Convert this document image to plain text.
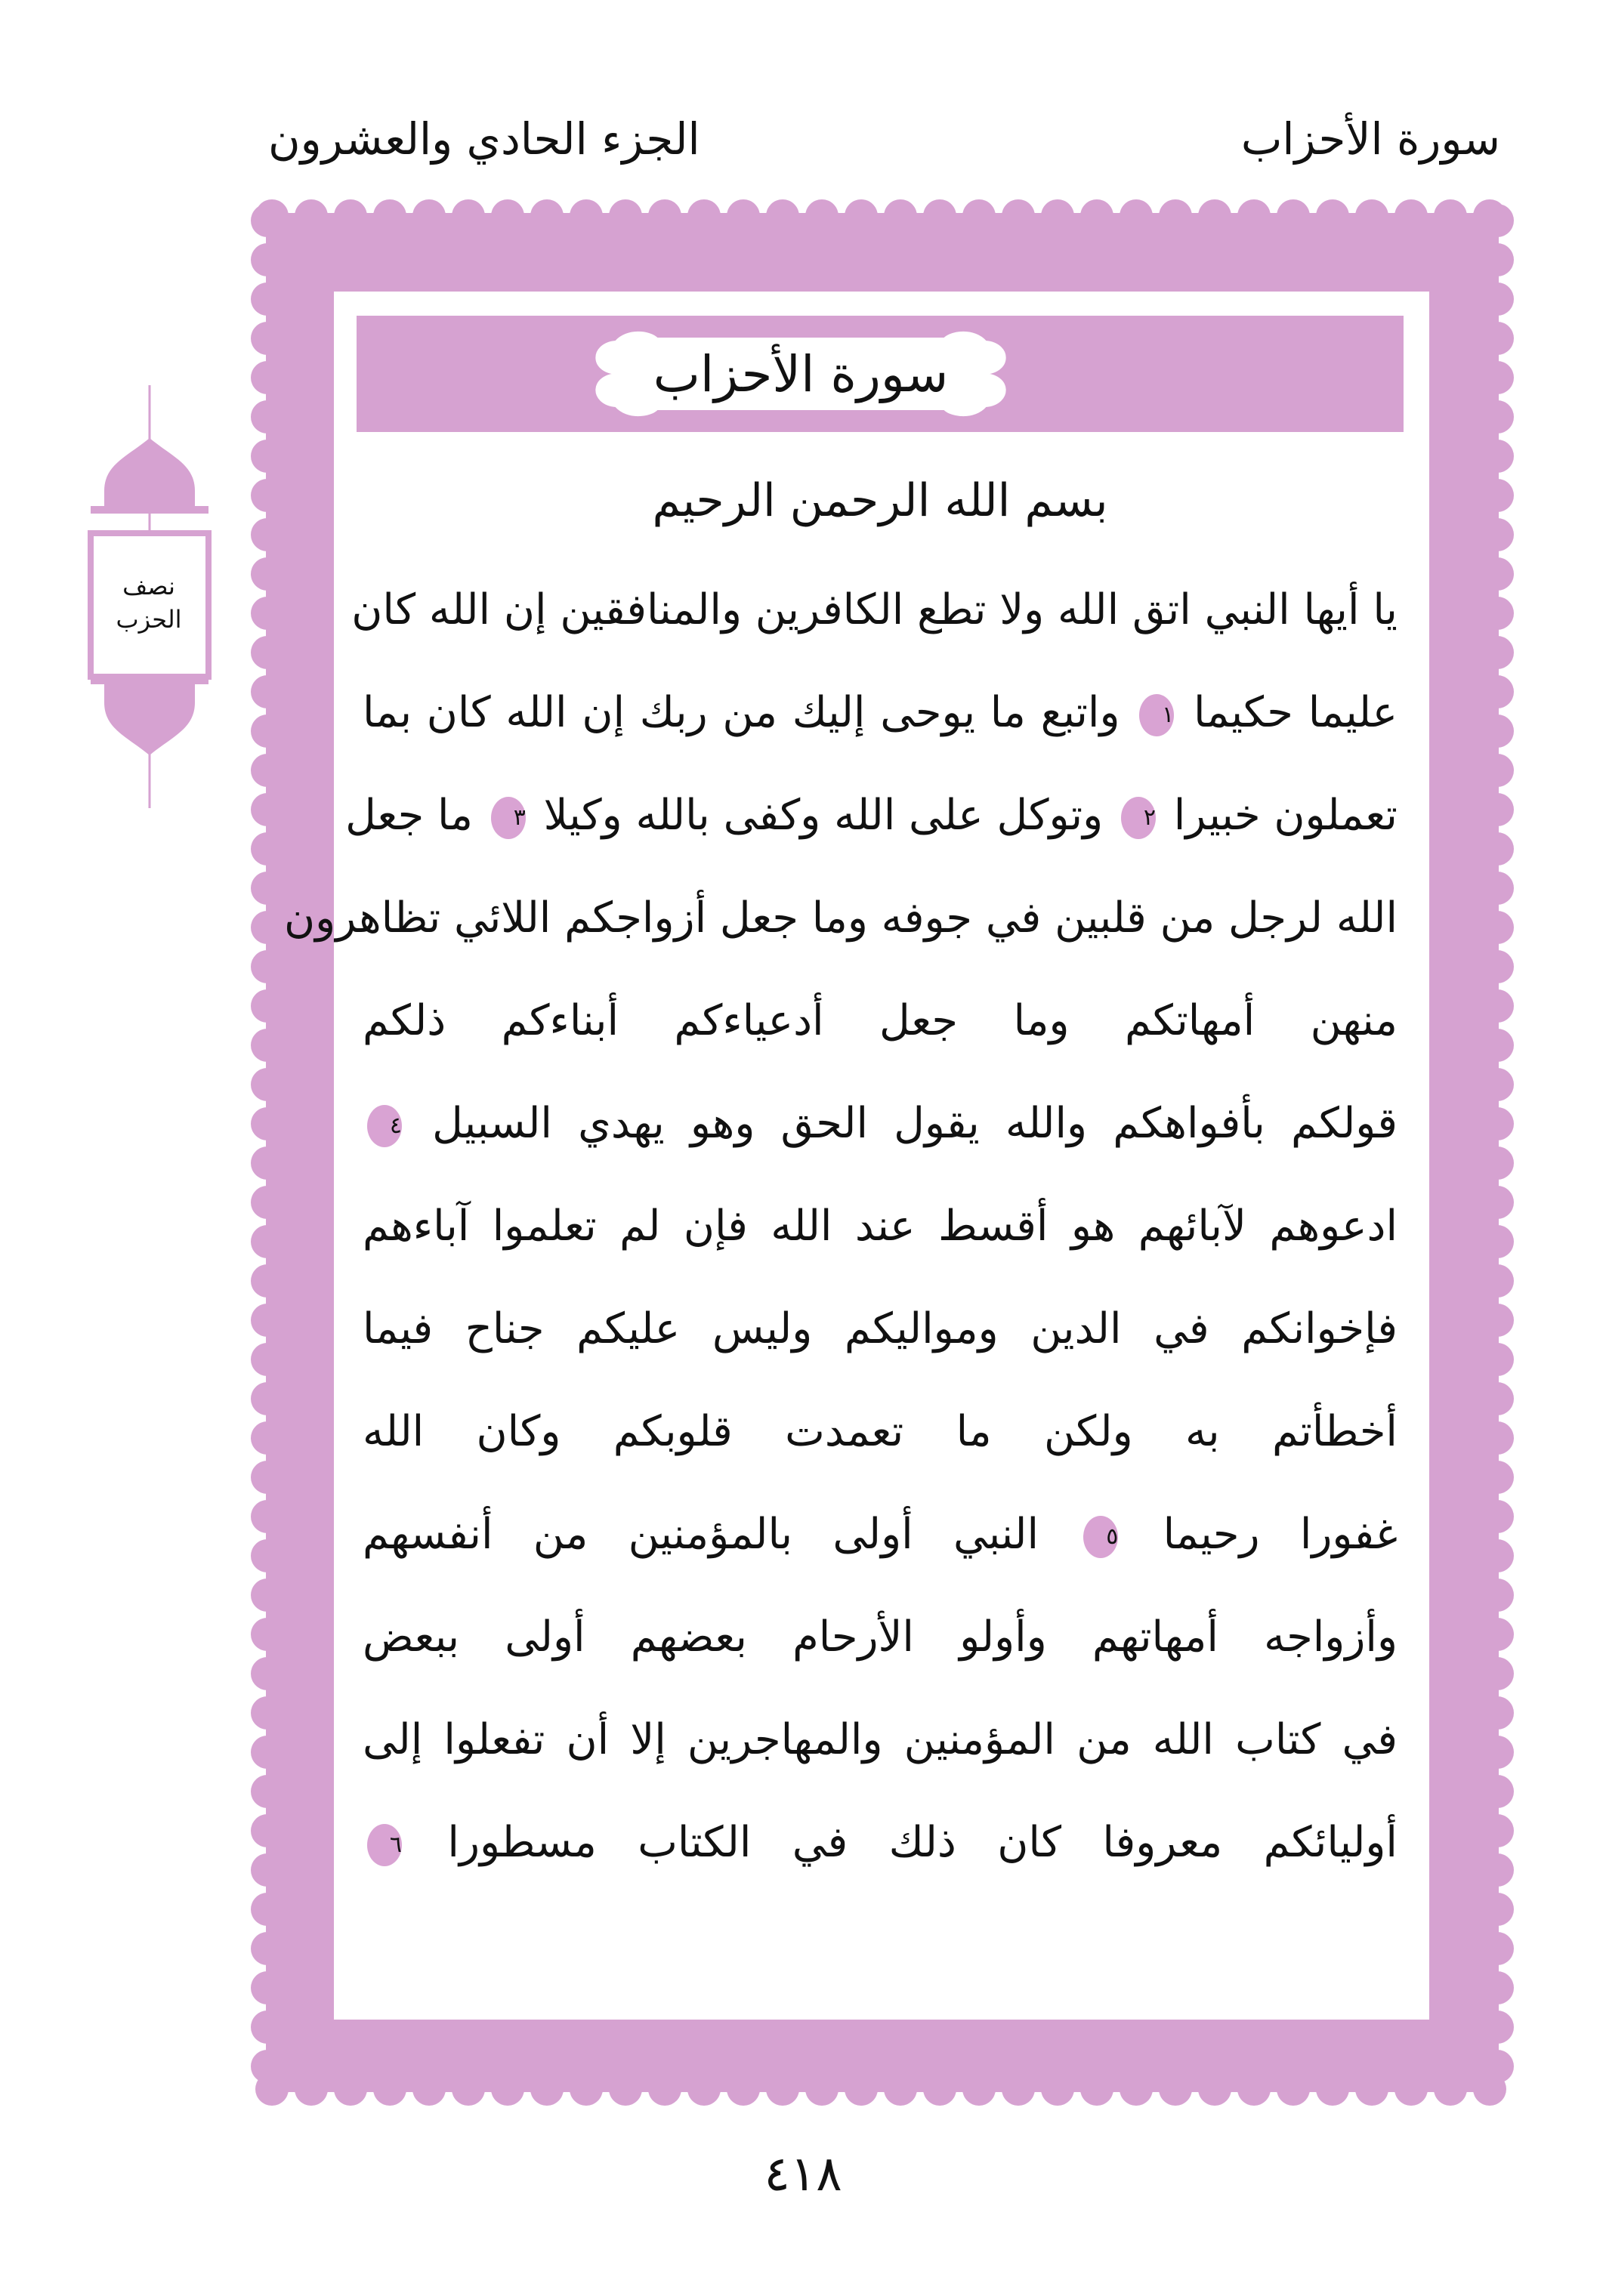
سورة الأحزاب
الجزء الحادي والعشرون
سورة الأحزاب
بسم الله الرحمن الرحيم
يا أيها النبي اتق الله ولا تطع الكافرين والمنافقين إن الله كان
عليما حكيما ١ واتبع ما يوحى إليك من ربك إن الله كان بما
تعملون خبيرا ٢ وتوكل على الله وكفى بالله وكيلا ٣ ما جعل
الله لرجل من قلبين في جوفه وما جعل أزواجكم اللائي تظاهرون
منهن أمهاتكم وما جعل أدعياءكم أبناءكم ذلكم
قولكم بأفواهكم والله يقول الحق وهو يهدي السبيل ٤
ادعوهم لآبائهم هو أقسط عند الله فإن لم تعلموا آباءهم
فإخوانكم في الدين ومواليكم وليس عليكم جناح فيما
أخطأتم به ولكن ما تعمدت قلوبكم وكان الله
غفورا رحيما ٥ النبي أولى بالمؤمنين من أنفسهم
وأزواجه أمهاتهم وأولو الأرحام بعضهم أولى ببعض
في كتاب الله من المؤمنين والمهاجرين إلا أن تفعلوا إلى
أوليائكم معروفا كان ذلك في الكتاب مسطورا ٦
نصف
الحزب
٤١٨
